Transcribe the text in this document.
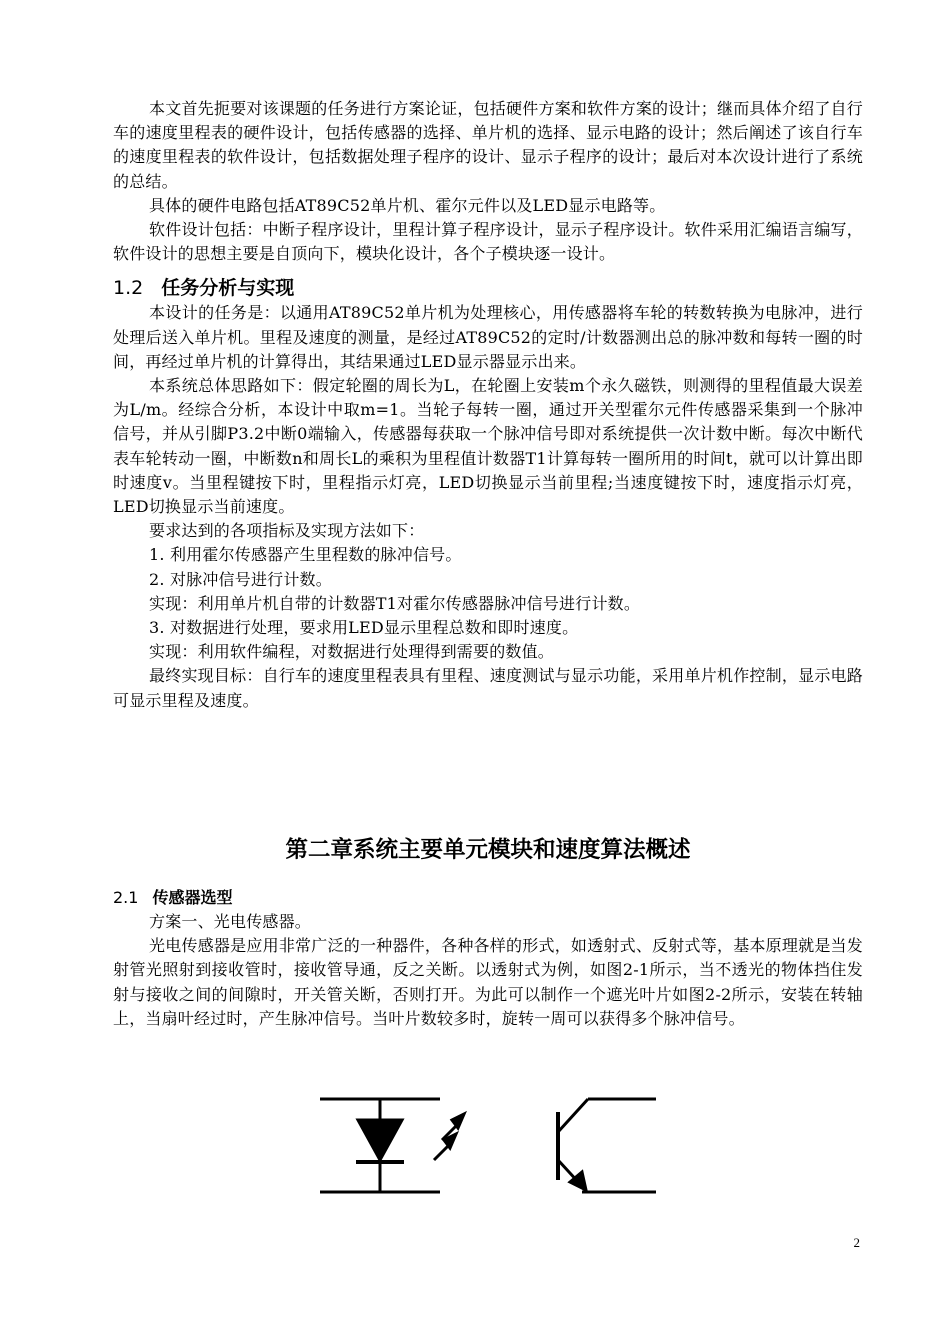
本文首先扼要对该课题的任务进行方案论证，包括硬件方案和软件方案的设计；继而具体介绍了自行车的速度里程表的硬件设计，包括传感器的选择、单片机的选择、显示电路的设计；然后阐述了该自行车的速度里程表的软件设计，包括数据处理子程序的设计、显示子程序的设计；最后对本次设计进行了系统的总结。

具体的硬件电路包括AT89C52单片机、霍尔元件以及LED显示电路等。

软件设计包括：中断子程序设计，里程计算子程序设计，显示子程序设计。软件采用汇编语言编写，软件设计的思想主要是自顶向下，模块化设计，各个子模块逐一设计。

1.2 任务分析与实现

本设计的任务是：以通用AT89C52单片机为处理核心，用传感器将车轮的转数转换为电脉冲，进行处理后送入单片机。里程及速度的测量，是经过AT89C52的定时/计数器测出总的脉冲数和每转一圈的时间，再经过单片机的计算得出，其结果通过LED显示器显示出来。

本系统总体思路如下：假定轮圈的周长为L，在轮圈上安装m个永久磁铁，则测得的里程值最大误差为L/m。经综合分析，本设计中取m=1。当轮子每转一圈，通过开关型霍尔元件传感器采集到一个脉冲信号，并从引脚P3.2中断0端输入，传感器每获取一个脉冲信号即对系统提供一次计数中断。每次中断代表车轮转动一圈，中断数n和周长L的乘积为里程值计数器T1计算每转一圈所用的时间t，就可以计算出即时速度v。当里程键按下时，里程指示灯亮，LED切换显示当前里程;当速度键按下时，速度指示灯亮，LED切换显示当前速度。

要求达到的各项指标及实现方法如下：

1. 利用霍尔传感器产生里程数的脉冲信号。

2. 对脉冲信号进行计数。

实现：利用单片机自带的计数器T1对霍尔传感器脉冲信号进行计数。

3. 对数据进行处理，要求用LED显示里程总数和即时速度。

实现：利用软件编程，对数据进行处理得到需要的数值。

最终实现目标：自行车的速度里程表具有里程、速度测试与显示功能，采用单片机作控制，显示电路可显示里程及速度。

第二章系统主要单元模块和速度算法概述
2.1 传感器选型

方案一、光电传感器。

光电传感器是应用非常广泛的一种器件，各种各样的形式，如透射式、反射式等，基本原理就是当发射管光照射到接收管时，接收管导通，反之关断。以透射式为例，如图2-1所示，当不透光的物体挡住发射与接收之间的间隙时，开关管关断，否则打开。为此可以制作一个遮光叶片如图2-2所示，安装在转轴上，当扇叶经过时，产生脉冲信号。当叶片数较多时，旋转一周可以获得多个脉冲信号。

2
